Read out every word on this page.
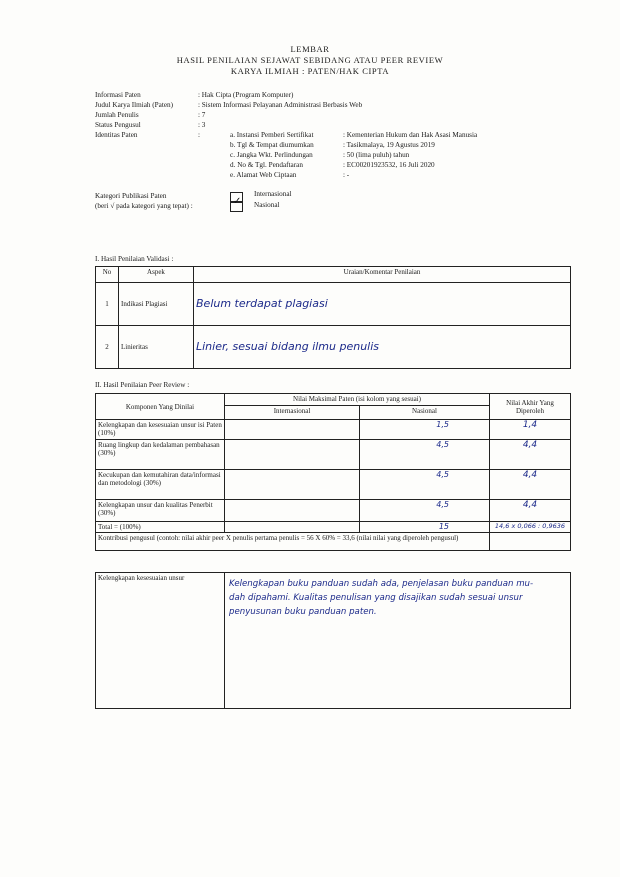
LEMBAR
HASIL PENILAIAN SEJAWAT SEBIDANG ATAU PEER REVIEW
KARYA ILMIAH : PATEN/HAK CIPTA
Informasi Paten	: Hak Cipta (Program Komputer)
Judul Karya Ilmiah (Paten)	: Sistem Informasi Pelayanan Administrasi Berbasis Web
Jumlah Penulis	: 7
Status Pengusul	: 3
Identitas Paten	:	a. Instansi Pemberi Sertifikat	: Kementerian Hukum dan Hak Asasi Manusia
b. Tgl & Tempat diumumkan	: Tasikmalaya, 19 Agustus 2019
c. Jangka Wkt. Perlindungan	: 50 (lima puluh) tahun
d. No & Tgl. Pendaftaran	: EC00201923532, 16 Juli 2020
e. Alamat Web Ciptaan	: -
Kategori Publikasi Paten
(beri √ pada kategori yang tepat) :
Internasional
✓ Nasional
I. Hasil Penilaian Validasi :
No	Aspek	Uraian/Komentar Penilaian
1	Indikasi Plagiasi	Belum terdapat plagiasi
2	Linieritas	Linier, sesuai bidang ilmu penulis
II. Hasil Penilaian Peer Review :
Komponen Yang Dinilai	Nilai Maksimal Paten (isi kolom yang sesuai)		Nilai Akhir Yang Diperoleh
	Internasional	Nasional	
Kelengkapan dan kesesuaian unsur isi Paten (10%)		1,5	1,4
Ruang lingkup dan kedalaman pembahasan (30%)		4,5	4,4
Kecukupan dan kemutahiran data/informasi dan metodologi (30%)		4,5	4,4
Kelengkapan unsur dan kualitas Penerbit (30%)		4,5	4,4
Total = (100%)		15	14,6 x 0,066 : 0,9636
Kontribusi pengusul (contoh: nilai akhir peer X penulis pertama penulis = 56 X 60% = 33,6 (nilai nilai yang diperoleh pengusul)			
Kelengkapan kesesuaian unsur	
Kelengkapan buku panduan sudah ada, penjelasan buku panduan mu-
dah dipahami. Kualitas penulisan yang disajikan sudah sesuai unsur
penyusunan buku panduan paten.
